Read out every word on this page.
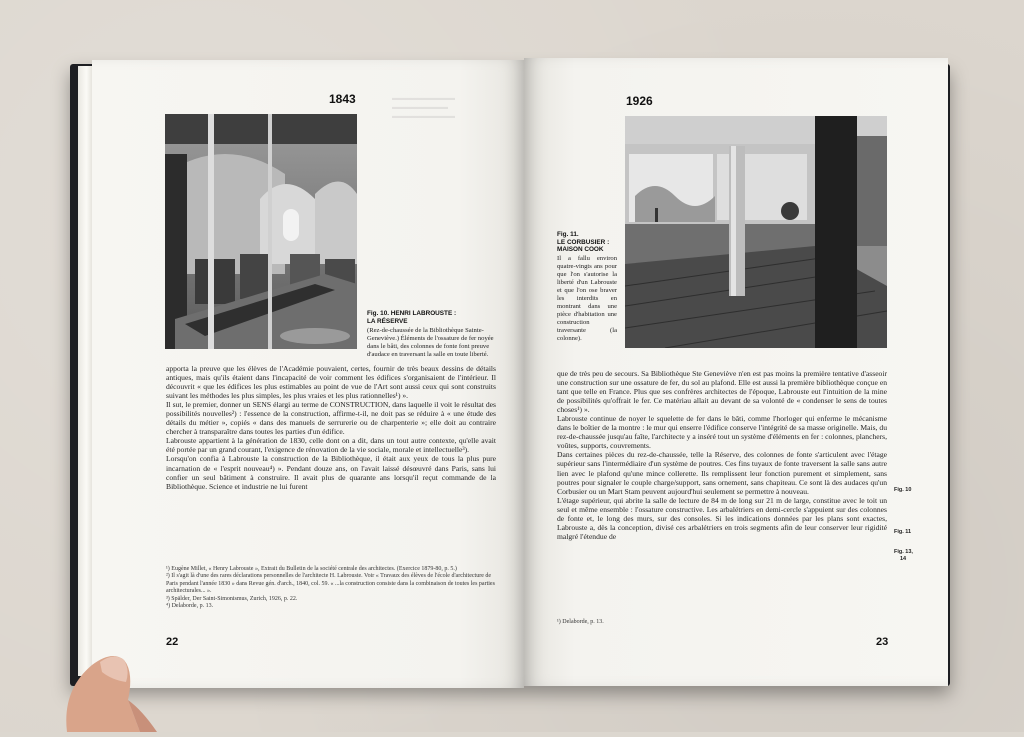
▬▬▬▬▬▬▬▬▬
▬▬▬▬▬▬▬▬
▬▬▬▬▬▬▬▬▬
1843
Fig. 10. HENRI LABROUSTE :
LA RÉSERVE
(Rez-de-chaussée de la Bibliothèque Sainte-Geneviève.) Éléments de l'ossature de fer noyée dans le bâti, des colonnes de fonte font preuve d'audace en traversant la salle en toute liberté.

apporta la preuve que les élèves de l'Académie pouvaient, certes, fournir de très beaux dessins de détails antiques, mais qu'ils étaient dans l'incapacité de voir comment les édifices s'organisaient de l'intérieur. Il découvrit « que les édifices les plus estimables au point de vue de l'Art sont aussi ceux qui sont construits suivant les méthodes les plus simples, les plus vraies et les plus rationnelles¹) ».

Il sut, le premier, donner un SENS élargi au terme de CONSTRUCTION, dans laquelle il voit le résultat des possibilités nouvelles²) : l'essence de la construction, affirme-t-il, ne doit pas se réduire à « une étude des détails du métier », copiés « dans des manuels de serrurerie ou de charpenterie »; elle doit au contraire chercher à transparaître dans toutes les parties d'un édifice.

Labrouste appartient à la génération de 1830, celle dont on a dit, dans un tout autre contexte, qu'elle avait été portée par un grand courant, l'exigence de rénovation de la vie sociale, morale et intellectuelle³).

Lorsqu'on confia à Labrouste la construction de la Bibliothèque, il était aux yeux de tous la plus pure incarnation de « l'esprit nouveau⁴) ». Pendant douze ans, on l'avait laissé désœuvré dans Paris, sans lui confier un seul bâtiment à construire. Il avait plus de quarante ans lorsqu'il reçut commande de la Bibliothèque. Science et industrie ne lui furent

¹) Eugène Millet, « Henry Labrouste », Extrait du Bulletin de la société centrale des architectes. (Exercice 1879-80, p. 5.)

²) Il s'agit là d'une des rares déclarations personnelles de l'architecte H. Labrouste. Voir « Travaux des élèves de l'école d'architecture de Paris pendant l'année 1830 » dans Revue gén. d'arch., 1840, col. 59. « ...la construction consiste dans la combinaison de toutes les parties architecturales... ».

³) Spälder, Der Saint-Simonismus, Zurich, 1926, p. 22.

⁴) Delaborde, p. 13.

22
1926
Fig. 11.
LE CORBUSIER :
MAISON COOK
Il a fallu environ quatre-vingts ans pour que l'on s'autorise la liberté d'un Labrouste et que l'on ose braver les interdits en montrant dans une pièce d'habitation une construction traversante (la colonne).

que de très peu de secours. Sa Bibliothèque Ste Geneviève n'en est pas moins la première tentative d'asseoir une construction sur une ossature de fer, du sol au plafond. Elle est aussi la première bibliothèque conçue en tant que telle en France. Plus que ses confrères architectes de l'époque, Labrouste eut l'intuition de la mine de possibilités qu'offrait le fer. Ce matériau allait au devant de sa volonté de « condenser le sens de toutes choses¹) ».

Labrouste continue de noyer le squelette de fer dans le bâti, comme l'horloger qui enferme le mécanisme dans le boîtier de la montre : le mur qui enserre l'édifice conserve l'intégrité de sa masse originelle. Mais, du rez-de-chaussée jusqu'au faîte, l'architecte y a inséré tout un système d'éléments en fer : colonnes, planchers, voûtes, supports, couvrements.

Dans certaines pièces du rez-de-chaussée, telle la Réserve, des colonnes de fonte s'articulent avec l'étage supérieur sans l'intermédiaire d'un système de poutres. Ces fins tuyaux de fonte traversent la salle sans autre lien avec le plafond qu'une mince collerette. Ils remplissent leur fonction purement et simplement, sans poutres pour signaler le couple charge/support, sans ornement, sans chapiteau. Ce sont là des audaces qu'un Corbusier ou un Mart Stam peuvent aujourd'hui seulement se permettre à nouveau.

L'étage supérieur, qui abrite la salle de lecture de 84 m de long sur 21 m de large, constitue avec le toit un seul et même ensemble : l'ossature constructive. Les arbalétriers en demi-cercle s'appuient sur des colonnes de fonte et, le long des murs, sur des consoles. Si les indications données par les plans sont exactes, Labrouste a, dès la conception, divisé ces arbalétriers en trois segments afin de leur conserver leur rigidité malgré l'étendue de

Fig. 10
Fig. 11
Fig. 13,
14

¹) Delaborde, p. 13.

23
